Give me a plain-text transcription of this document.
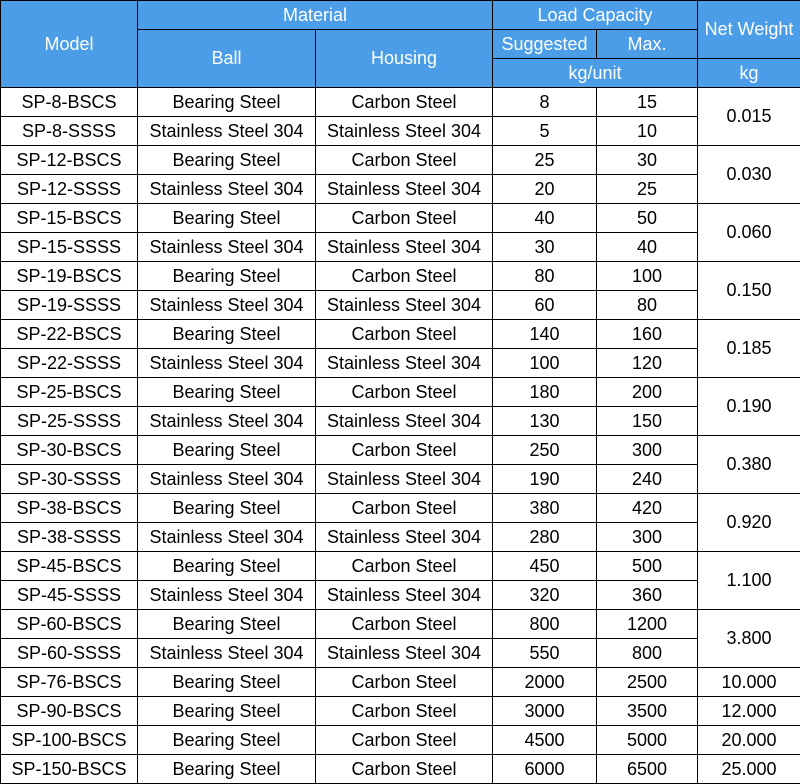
Model	Material		Load Capacity		Net Weight
	Ball	Housing	Suggested	Max.	
			kg/unit		kg
SP-8-BSCS	Bearing Steel	Carbon Steel	8	15	0.015
SP-8-SSSS	Stainless Steel 304	Stainless Steel 304	5	10	
SP-12-BSCS	Bearing Steel	Carbon Steel	25	30	0.030
SP-12-SSSS	Stainless Steel 304	Stainless Steel 304	20	25	
SP-15-BSCS	Bearing Steel	Carbon Steel	40	50	0.060
SP-15-SSSS	Stainless Steel 304	Stainless Steel 304	30	40	
SP-19-BSCS	Bearing Steel	Carbon Steel	80	100	0.150
SP-19-SSSS	Stainless Steel 304	Stainless Steel 304	60	80	
SP-22-BSCS	Bearing Steel	Carbon Steel	140	160	0.185
SP-22-SSSS	Stainless Steel 304	Stainless Steel 304	100	120	
SP-25-BSCS	Bearing Steel	Carbon Steel	180	200	0.190
SP-25-SSSS	Stainless Steel 304	Stainless Steel 304	130	150	
SP-30-BSCS	Bearing Steel	Carbon Steel	250	300	0.380
SP-30-SSSS	Stainless Steel 304	Stainless Steel 304	190	240	
SP-38-BSCS	Bearing Steel	Carbon Steel	380	420	0.920
SP-38-SSSS	Stainless Steel 304	Stainless Steel 304	280	300	
SP-45-BSCS	Bearing Steel	Carbon Steel	450	500	1.100
SP-45-SSSS	Stainless Steel 304	Stainless Steel 304	320	360	
SP-60-BSCS	Bearing Steel	Carbon Steel	800	1200	3.800
SP-60-SSSS	Stainless Steel 304	Stainless Steel 304	550	800	
SP-76-BSCS	Bearing Steel	Carbon Steel	2000	2500	10.000
SP-90-BSCS	Bearing Steel	Carbon Steel	3000	3500	12.000
SP-100-BSCS	Bearing Steel	Carbon Steel	4500	5000	20.000
SP-150-BSCS	Bearing Steel	Carbon Steel	6000	6500	25.000
